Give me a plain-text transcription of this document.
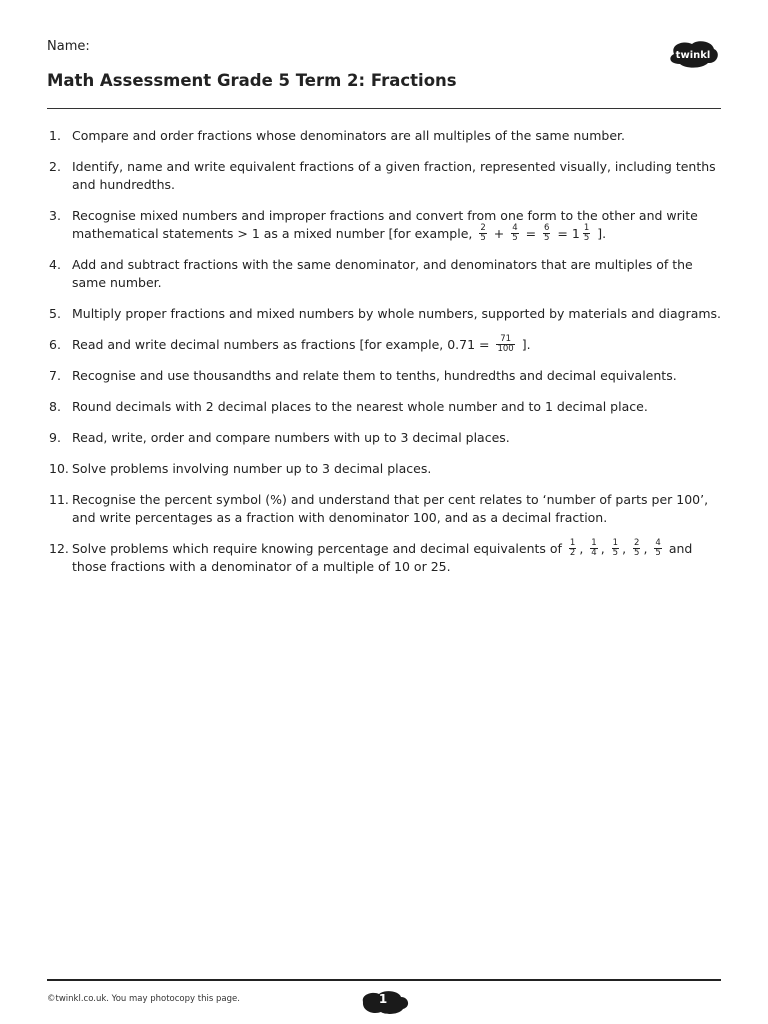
Name:
twinkl
Math Assessment Grade 5 Term 2: Fractions
1. Compare and order fractions whose denominators are all multiples of the same number.
2. Identify, name and write equivalent fractions of a given fraction, represented visually, including tenths and hundredths.
3. Recognise mixed numbers and improper fractions and convert from one form to the other and write mathematical statements > 1 as a mixed number [for example, $\frac{2}{5} + \frac{4}{5} = \frac{6}{5} = 1 \frac{1}{5}$ ].
4. Add and subtract fractions with the same denominator, and denominators that are multiples of the same number.
5. Multiply proper fractions and mixed numbers by whole numbers, supported by materials and diagrams.
6. Read and write decimal numbers as fractions [for example, $0.71 = \frac{71}{100}$ ].
7. Recognise and use thousandths and relate them to tenths, hundredths and decimal equivalents.
8. Round decimals with 2 decimal places to the nearest whole number and to 1 decimal place.
9. Read, write, order and compare numbers with up to 3 decimal places.
10. Solve problems involving number up to 3 decimal places.
11. Recognise the percent symbol (%) and understand that per cent relates to ‘number of parts per 100’, and write percentages as a fraction with denominator 100, and as a decimal fraction.
12. Solve problems which require knowing percentage and decimal equivalents of $\frac{1}{2}$ , $\frac{1}{4}$ , $\frac{1}{5}$ , $\frac{2}{5}$ , $\frac{4}{5}$ and those fractions with a denominator of a multiple of 10 or 25.
©twinkl.co.uk. You may photocopy this page.	1
